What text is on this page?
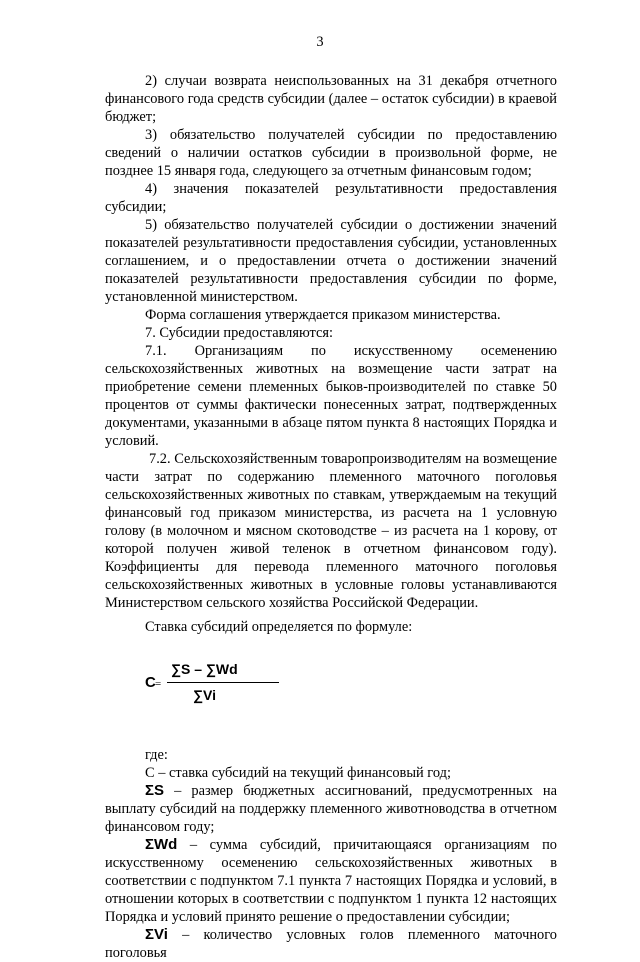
3

2) случаи возврата неиспользованных на 31 декабря отчетного финансового года средств субсидии (далее – остаток субсидии) в краевой бюджет;

3) обязательство получателей субсидии по предоставлению сведений о наличии остатков субсидии в произвольной форме, не позднее 15 января года, следующего за отчетным финансовым годом;

4) значения показателей результативности предоставления субсидии;

5) обязательство получателей субсидии о достижении значений показателей результативности предоставления субсидии, установленных соглашением, и о предоставлении отчета о достижении значений показателей результативности предоставления субсидии по форме, установленной министерством.

Форма соглашения утверждается приказом министерства.

7. Субсидии предоставляются:

7.1. Организациям по искусственному осеменению сельскохозяйственных животных на возмещение части затрат на приобретение семени племенных быков-производителей по ставке 50 процентов от суммы фактически понесенных затрат, подтвержденных документами, указанными в абзаце пятом пункта 8 настоящих Порядка и условий.

7.2. Сельскохозяйственным товаропроизводителям на возмещение части затрат по содержанию племенного маточного поголовья сельскохозяйственных животных по ставкам, утверждаемым на текущий финансовый год приказом министерства, из расчета на 1 условную голову (в молочном и мясном скотоводстве – из расчета на 1 корову, от которой получен живой теленок в отчетном финансовом году). Коэффициенты для перевода племенного маточного поголовья сельскохозяйственных животных в условные головы устанавливаются Министерством сельского хозяйства Российской Федерации.

Ставка субсидий определяется по формуле:

С =
∑S – ∑Wd
∑Vi

где:

С – ставка субсидий на текущий финансовый год;

ΣS – размер бюджетных ассигнований, предусмотренных на выплату субсидий на поддержку племенного животноводства в отчетном финансовом году;

ΣWd – сумма субсидий, причитающаяся организациям по искусственному осеменению сельскохозяйственных животных в соответствии с подпунктом 7.1 пункта 7 настоящих Порядка и условий, в отношении которых в соответствии с подпунктом 1 пункта 12 настоящих Порядка и условий принято решение о предоставлении субсидии;

ΣVi – количество условных голов племенного маточного поголовья
